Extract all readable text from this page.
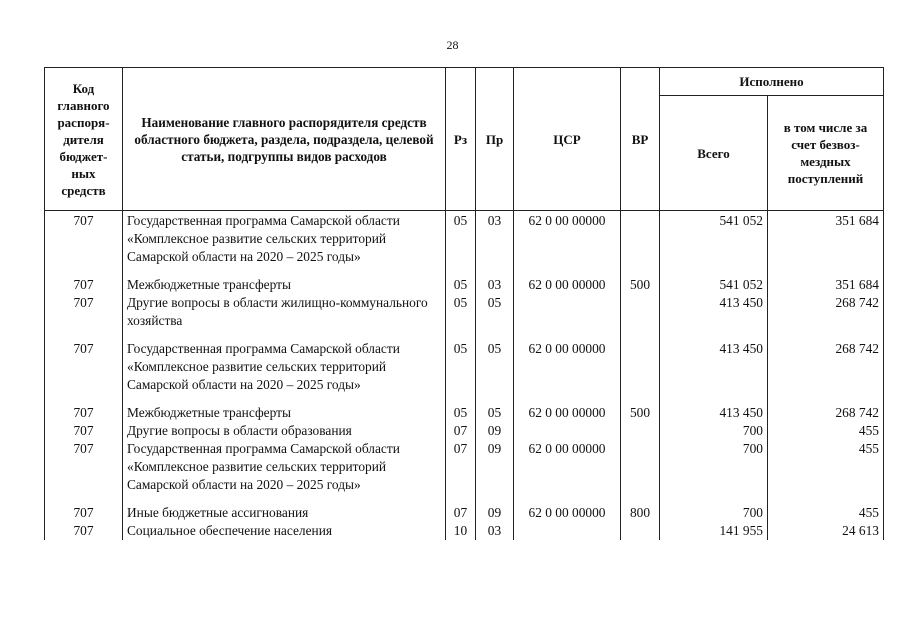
28
Код главного распоря-дителя бюджет-ных средств	Наименование главного распорядителя средств областного бюджета, раздела, подраздела, целевой статьи, подгруппы видов расходов	Рз	Пр	ЦСР	ВР	Исполнено	
						Всего	в том числе за счет безвоз-мездных поступлений
707	Государственная программа Самарской области «Комплексное развитие сельских территорий Самарской области на 2020 – 2025 годы»	05	03	62 0 00 00000		541 052	351 684
707	Межбюджетные трансферты	05	03	62 0 00 00000	500	541 052	351 684
707	Другие вопросы в области жилищно-коммунального хозяйства	05	05			413 450	268 742
707	Государственная программа Самарской области «Комплексное развитие сельских территорий Самарской области на 2020 – 2025 годы»	05	05	62 0 00 00000		413 450	268 742
707	Межбюджетные трансферты	05	05	62 0 00 00000	500	413 450	268 742
707	Другие вопросы в области образования	07	09			700	455
707	Государственная программа Самарской области «Комплексное развитие сельских территорий Самарской области на 2020 – 2025 годы»	07	09	62 0 00 00000		700	455
707	Иные бюджетные ассигнования	07	09	62 0 00 00000	800	700	455
707	Социальное обеспечение населения	10	03			141 955	24 613
